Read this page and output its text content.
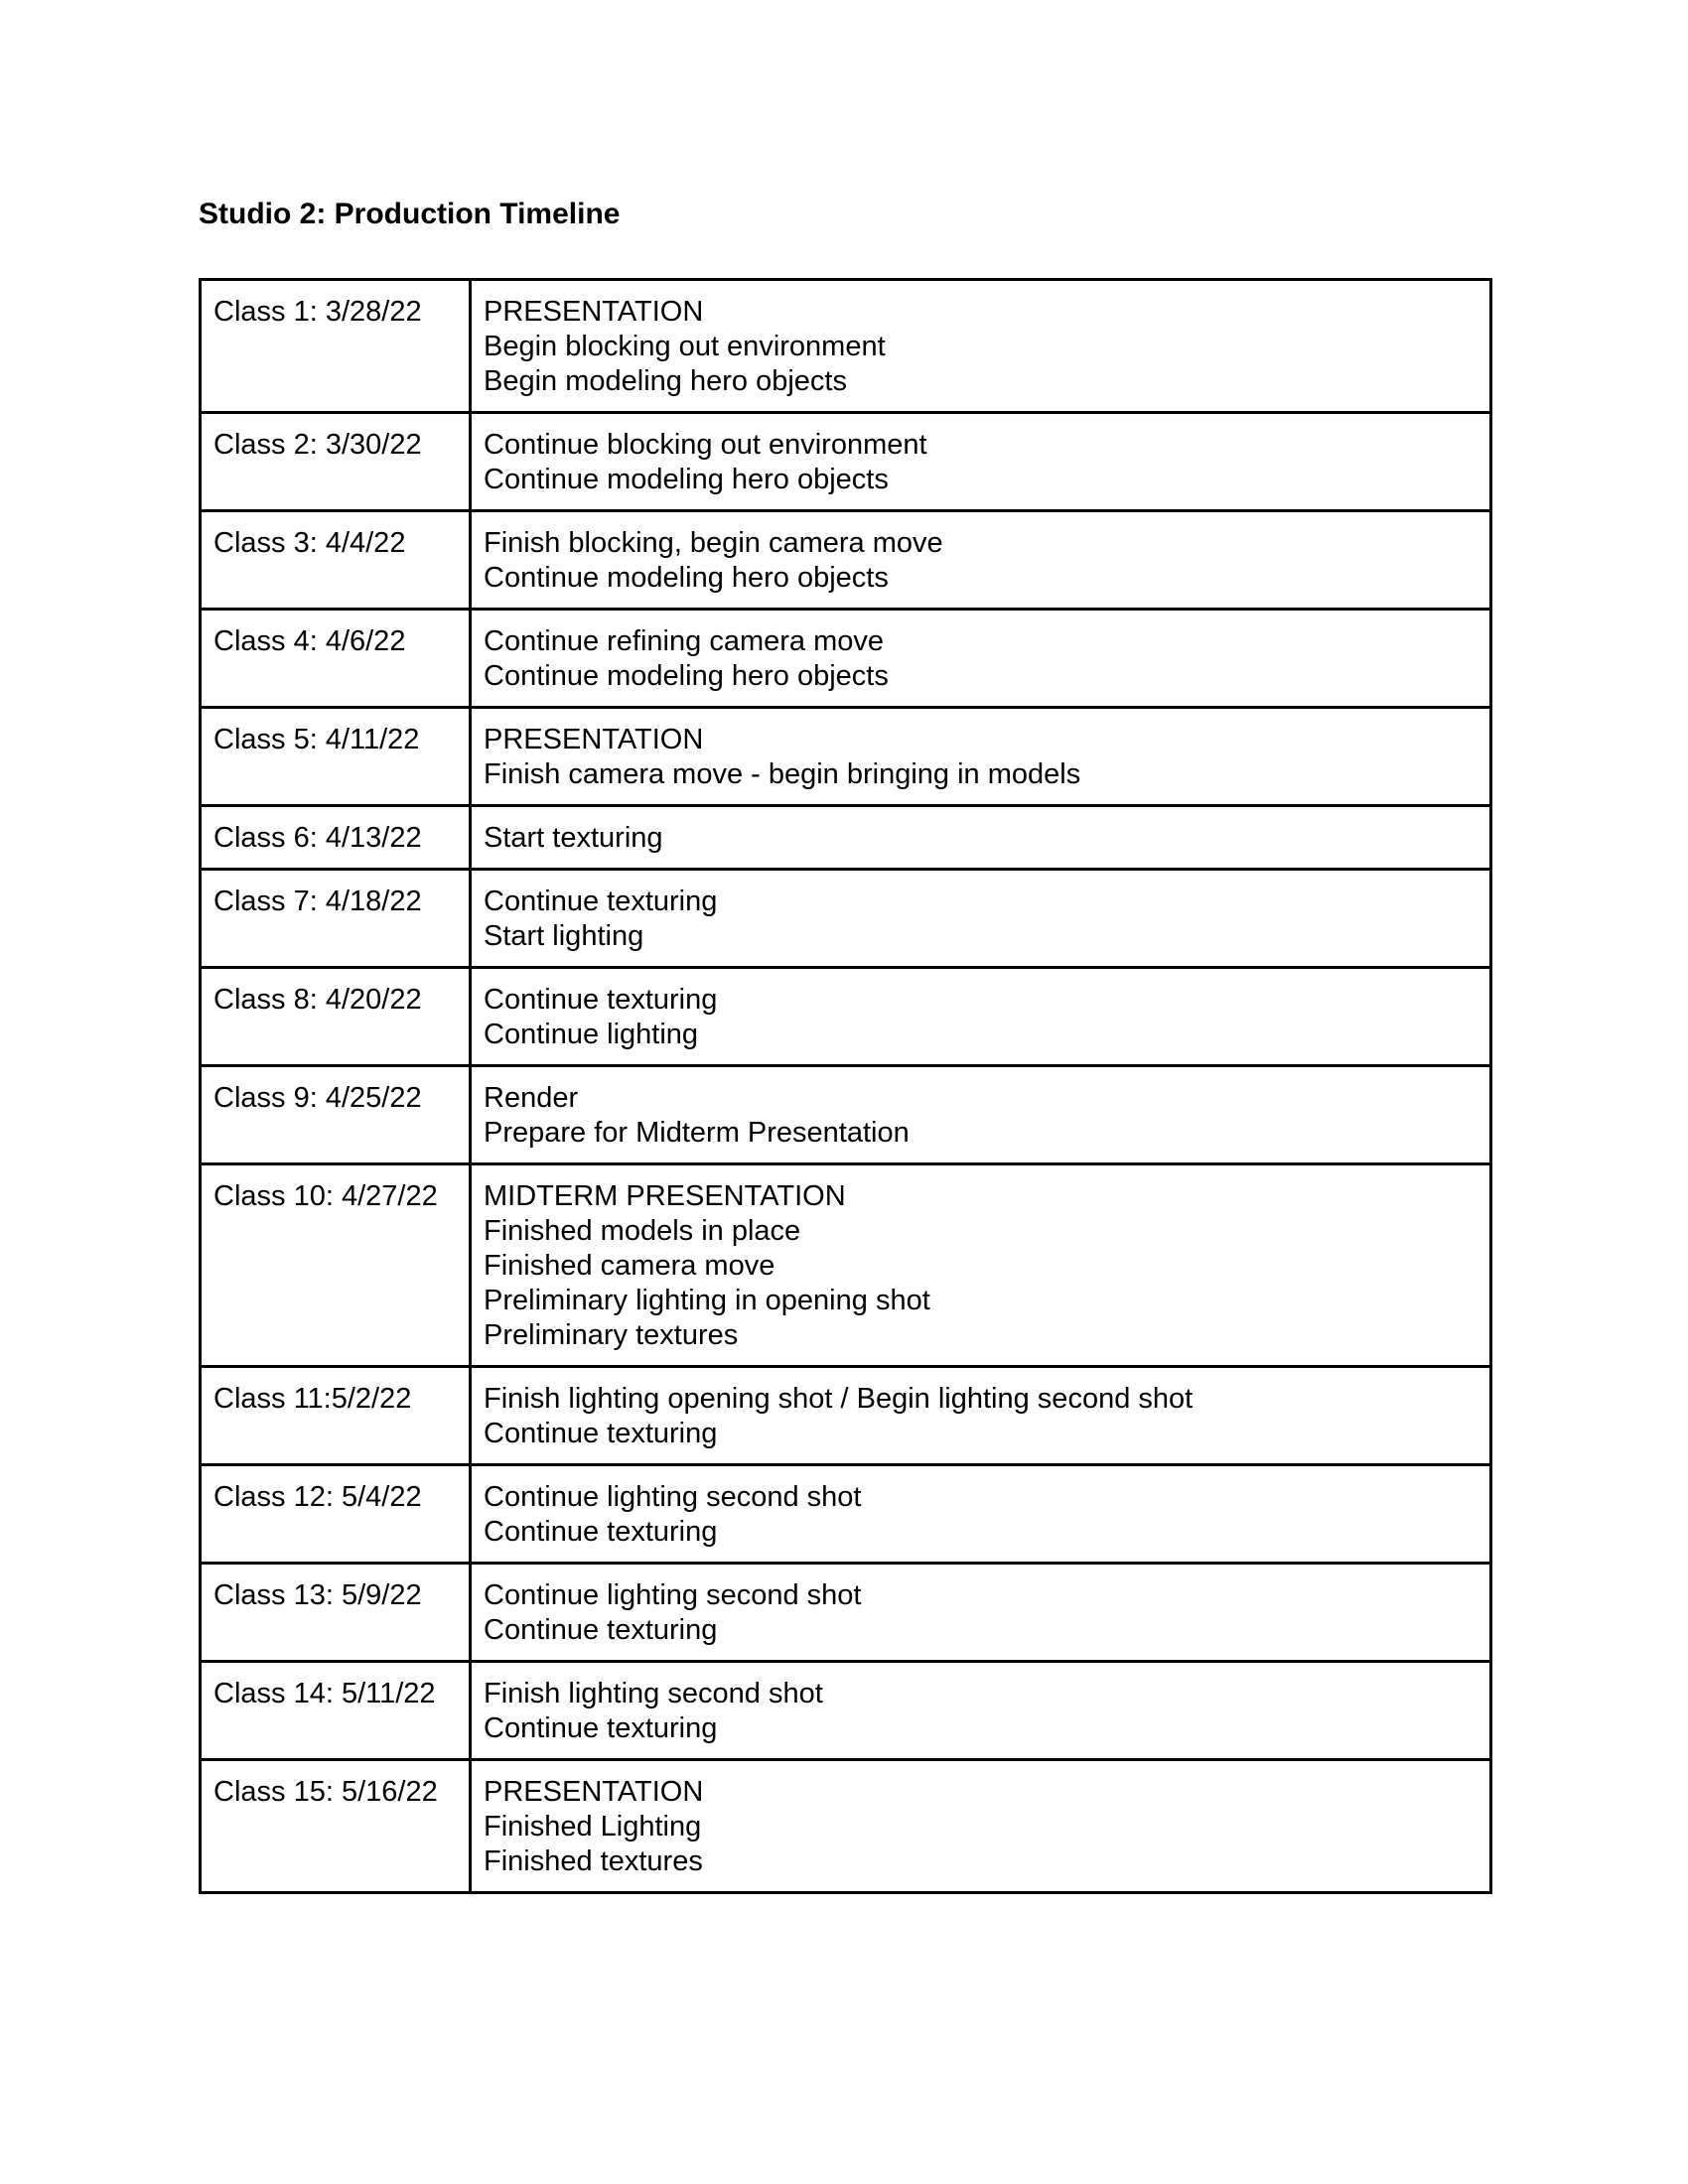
Studio 2: Production Timeline
Class 1: 3/28/22	PRESENTATION
Begin blocking out environment
Begin modeling hero objects

Class 2: 3/30/22	Continue blocking out environment
Continue modeling hero objects

Class 3: 4/4/22	Finish blocking, begin camera move
Continue modeling hero objects

Class 4: 4/6/22	Continue refining camera move
Continue modeling hero objects

Class 5: 4/11/22	PRESENTATION
Finish camera move - begin bringing in models

Class 6: 4/13/22	Start texturing

Class 7: 4/18/22	Continue texturing
Start lighting

Class 8: 4/20/22	Continue texturing
Continue lighting

Class 9: 4/25/22	Render
Prepare for Midterm Presentation

Class 10: 4/27/22	MIDTERM PRESENTATION
Finished models in place
Finished camera move
Preliminary lighting in opening shot
Preliminary textures

Class 11:5/2/22	Finish lighting opening shot / Begin lighting second shot
Continue texturing

Class 12: 5/4/22	Continue lighting second shot
Continue texturing

Class 13: 5/9/22	Continue lighting second shot
Continue texturing

Class 14: 5/11/22	Finish lighting second shot
Continue texturing

Class 15: 5/16/22	PRESENTATION
Finished Lighting
Finished textures
